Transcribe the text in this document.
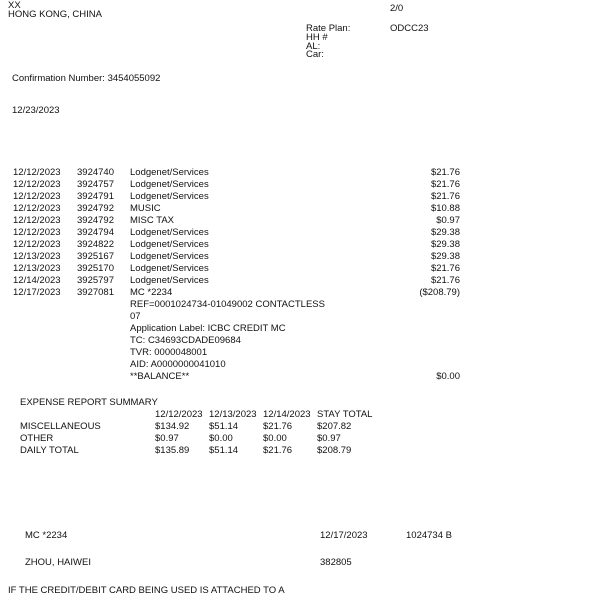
XX
HONG KONG, CHINA
2/0
Rate Plan:	ODCC23
HH #
AL:
Car:
Confirmation Number: 3454055092
12/23/2023
12/12/2023 3924740 Lodgenet/Services	$21.76
12/12/2023 3924757 Lodgenet/Services	$21.76
12/12/2023 3924791 Lodgenet/Services	$21.76
12/12/2023 3924792 MUSIC	$10.88
12/12/2023 3924792 MISC TAX	$0.97
12/12/2023 3924794 Lodgenet/Services	$29.38
12/12/2023 3924822 Lodgenet/Services	$29.38
12/13/2023 3925167 Lodgenet/Services	$29.38
12/13/2023 3925170 Lodgenet/Services	$21.76
12/14/2023 3925797 Lodgenet/Services	$21.76
12/17/2023 3927081 MC *2234	($208.79)
REF=0001024734-01049002 CONTACTLESS
07
Application Label: ICBC CREDIT MC
TC: C34693CDADE09684
TVR: 0000048001
AID: A0000000041010
**BALANCE**	$0.00
EXPENSE REPORT SUMMARY
12/12/2023 12/13/2023 12/14/2023 STAY TOTAL
MISCELLANEOUS	$134.92	$51.14	$21.76	$207.82
OTHER	$0.97	$0.00	$0.00	$0.97
DAILY TOTAL	$135.89	$51.14	$21.76	$208.79
MC *2234	12/17/2023	1024734 B
ZHOU, HAIWEI	382805
IF THE CREDIT/DEBIT CARD BEING USED IS ATTACHED TO A
